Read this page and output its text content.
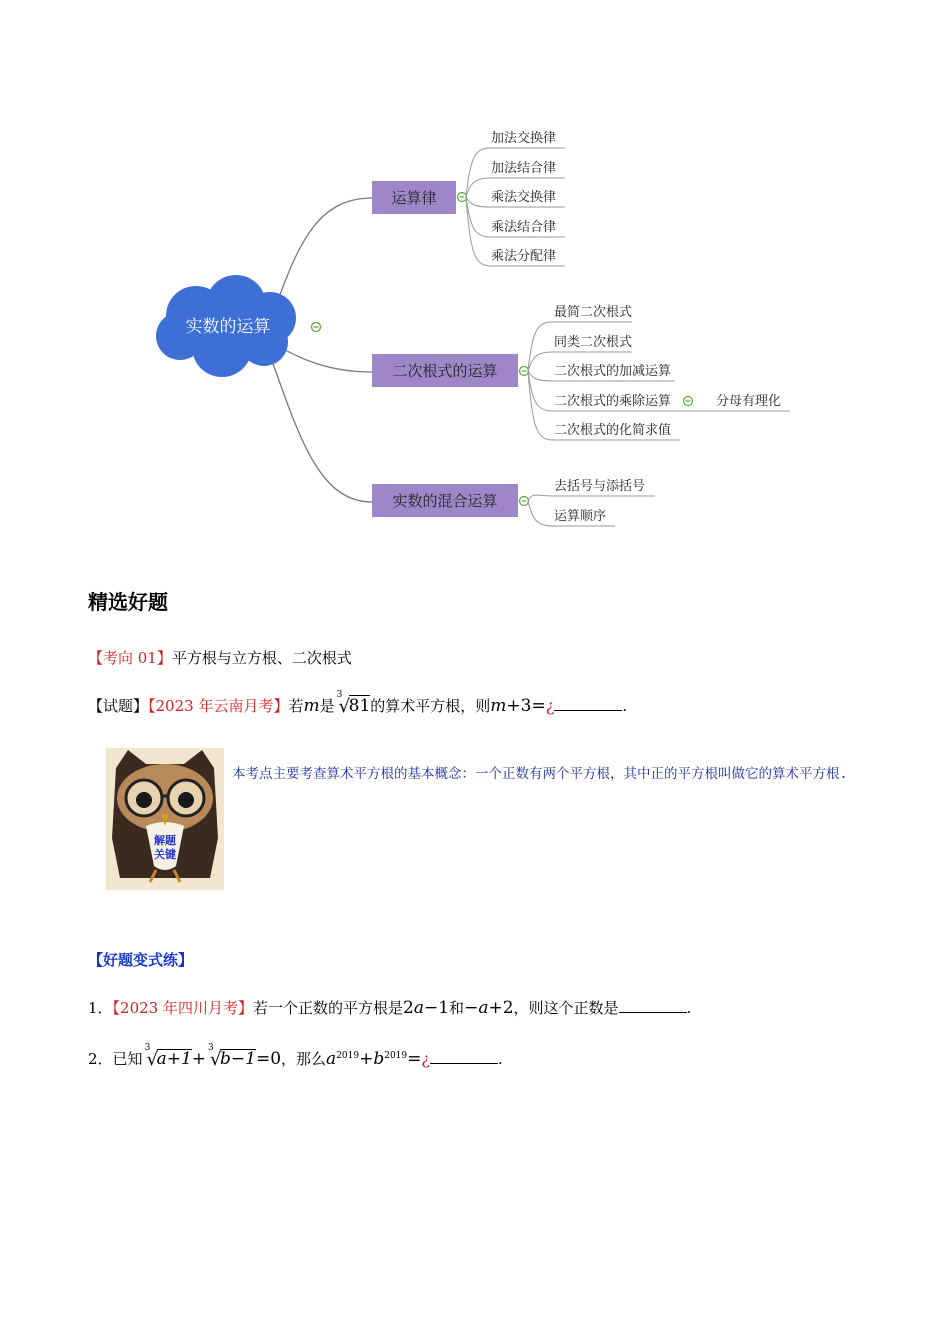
实数的运算
运算律
加法交换律
加法结合律
乘法交换律
乘法结合律
乘法分配律
二次根式的运算
最简二次根式
同类二次根式
二次根式的加减运算
二次根式的乘除运算
二次根式的化简求值
分母有理化
实数的混合运算
去括号与添括号
运算顺序
精选好题
【考向 01】平方根与立方根、二次根式
【试题】【2023 年云南月考】若m是
3
√
81的算术平方根，则m+3=¿	.
解题
关键
本考点主要考查算术平方根的基本概念：一个正数有两个平方根，其中正的平方根叫做它的算术平方根.
【好题变式练】
1．【2023 年四川月考】若一个正数的平方根是2a−1和−a+2，则这个正数是	.
2．已知
3
√
a+1+
3
√
b−1=0，那么$a^{2019}+b^{2019}=¿$	.
